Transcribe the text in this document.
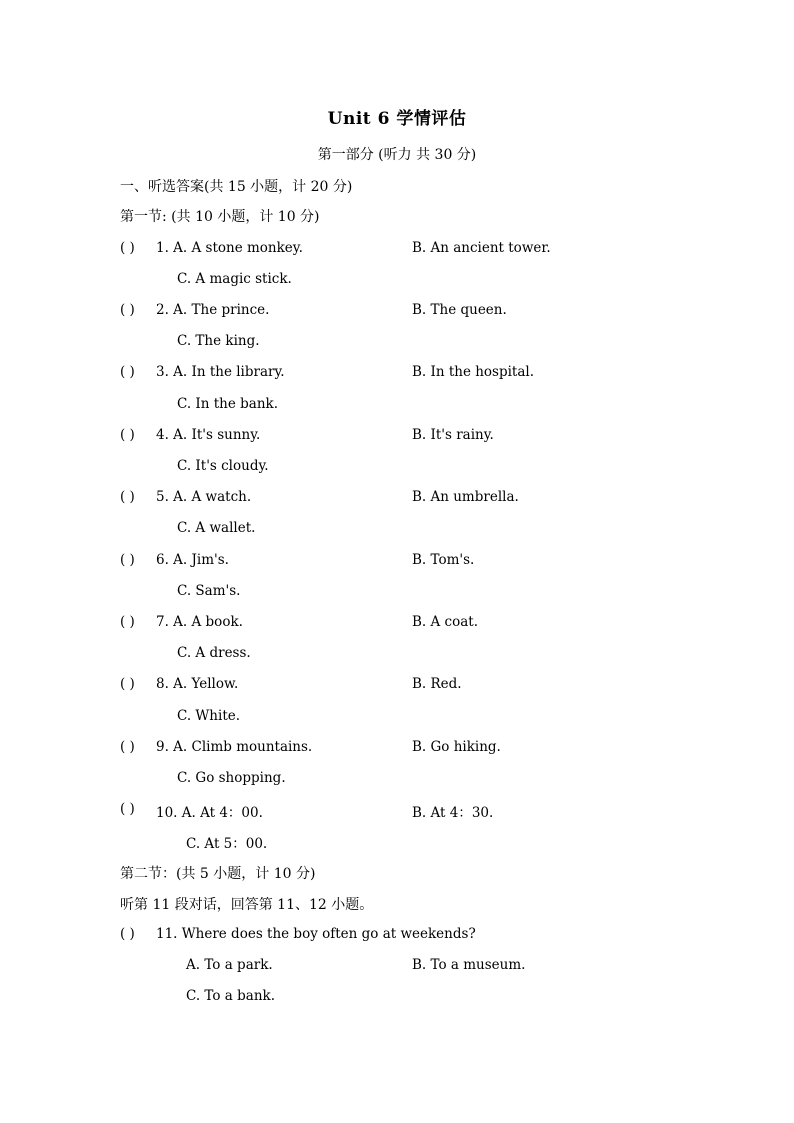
Unit 6 学情评估
第一部分 (听力 共 30 分)
一、听选答案(共 15 小题，计 20 分)
第一节: (共 10 小题，计 10 分)
( ) 1. A. A stone monkey.	B. An ancient tower.
C. A magic stick.
( ) 2. A. The prince.	B. The queen.
C. The king.
( ) 3. A. In the library.	B. In the hospital.
C. In the bank.
( ) 4. A. It's sunny.	B. It's rainy.
C. It's cloudy.
( ) 5. A. A watch.	B. An umbrella.
C. A wallet.
( ) 6. A. Jim's.	B. Tom's.
C. Sam's.
( ) 7. A. A book.	B. A coat.
C. A dress.
( ) 8. A. Yellow.	B. Red.
C. White.
( ) 9. A. Climb mountains.	B. Go hiking.
C. Go shopping.
( ) 10. A. At 4：00.	B. At 4：30.
C. At 5：00.
第二节：(共 5 小题，计 10 分)
听第 11 段对话，回答第 11、12 小题。
( ) 11. Where does the boy often go at weekends?
A. To a park.	B. To a museum.
C. To a bank.
